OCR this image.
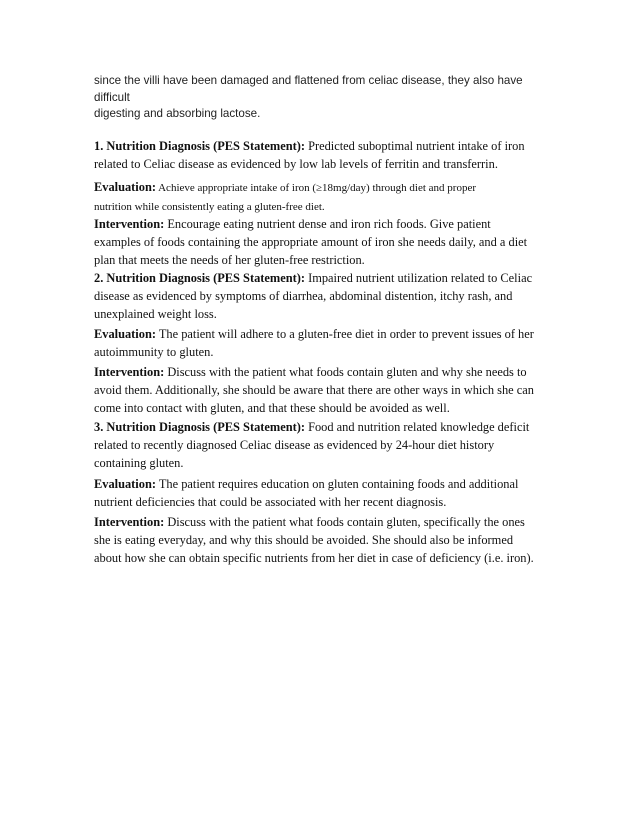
since the villi have been damaged and flattened from celiac disease, they also have difficult
digesting and absorbing lactose.
1. Nutrition Diagnosis (PES Statement): Predicted suboptimal nutrient intake of iron
related to Celiac disease as evidenced by low lab levels of ferritin and transferrin.
Evaluation: Achieve appropriate intake of iron (≥18mg/day) through diet and proper
nutrition while consistently eating a gluten-free diet.
Intervention: Encourage eating nutrient dense and iron rich foods. Give patient
examples of foods containing the appropriate amount of iron she needs daily, and a diet
plan that meets the needs of her gluten-free restriction.
2. Nutrition Diagnosis (PES Statement): Impaired nutrient utilization related to Celiac
disease as evidenced by symptoms of diarrhea, abdominal distention, itchy rash, and
unexplained weight loss.
Evaluation: The patient will adhere to a gluten-free diet in order to prevent issues of her
autoimmunity to gluten.
Intervention: Discuss with the patient what foods contain gluten and why she needs to
avoid them. Additionally, she should be aware that there are other ways in which she can
come into contact with gluten, and that these should be avoided as well.
3. Nutrition Diagnosis (PES Statement): Food and nutrition related knowledge deficit
related to recently diagnosed Celiac disease as evidenced by 24-hour diet history
containing gluten.
Evaluation: The patient requires education on gluten containing foods and additional
nutrient deficiencies that could be associated with her recent diagnosis.
Intervention: Discuss with the patient what foods contain gluten, specifically the ones
she is eating everyday, and why this should be avoided. She should also be informed
about how she can obtain specific nutrients from her diet in case of deficiency (i.e. iron).
